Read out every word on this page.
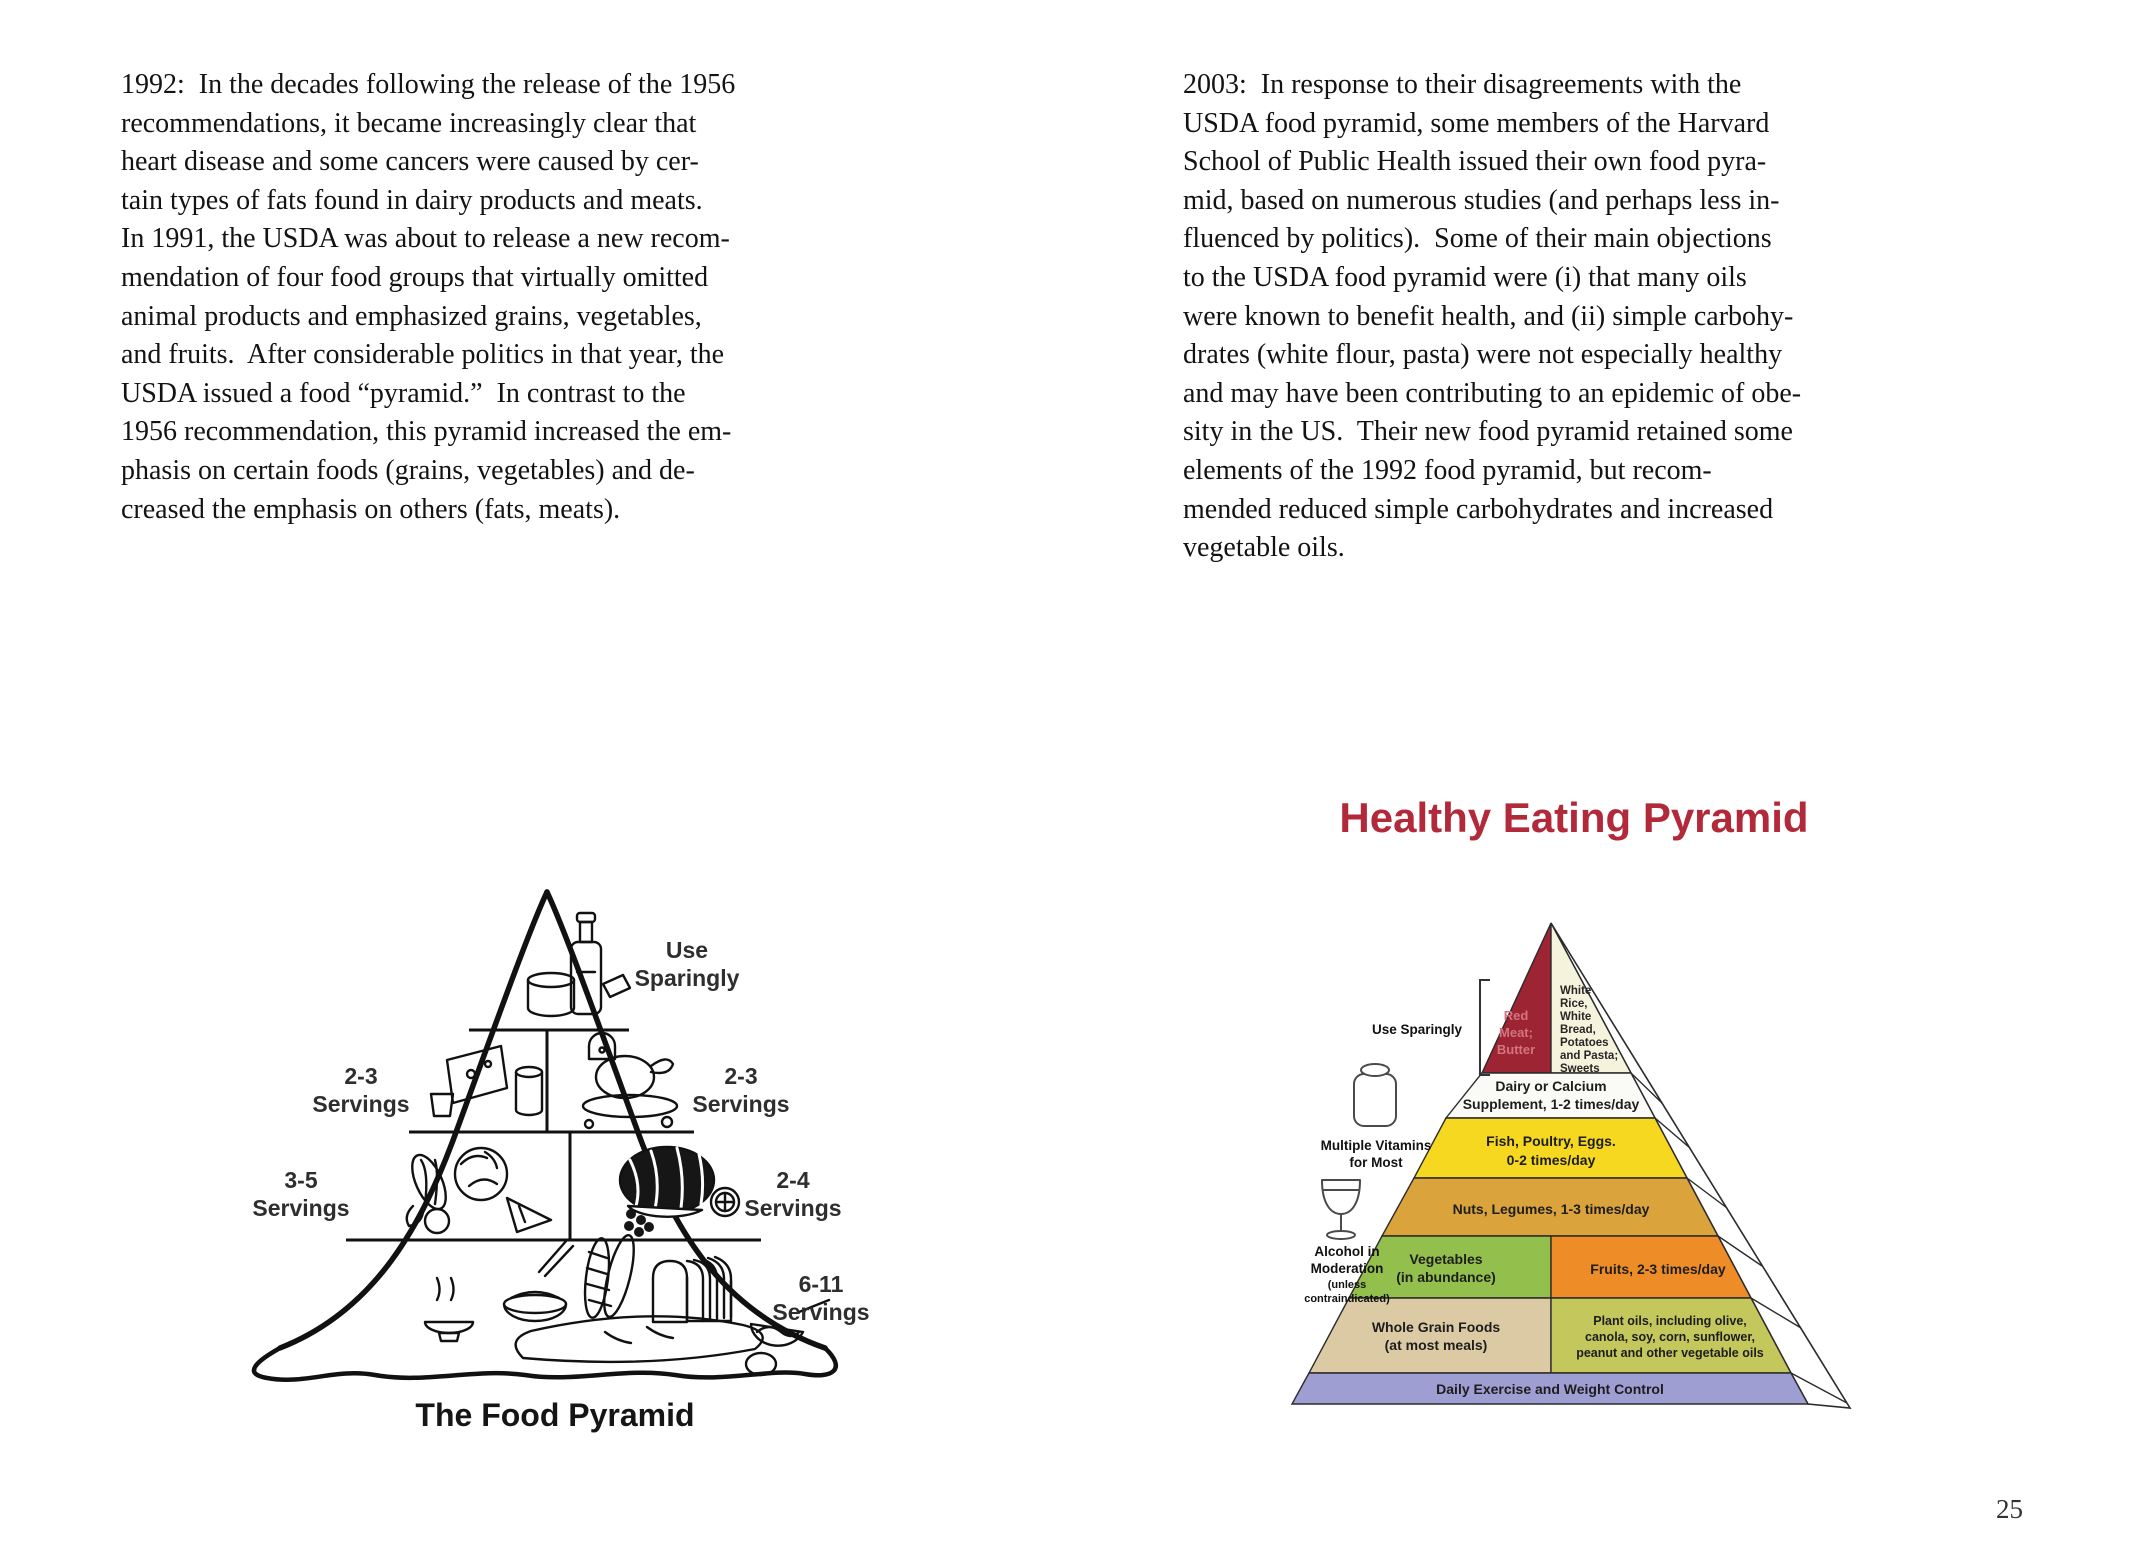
1992:  In the decades following the release of the 1956
recommendations, it became increasingly clear that
heart disease and some cancers were caused by cer-
tain types of fats found in dairy products and meats.
In 1991, the USDA was about to release a new recom-
mendation of four food groups that virtually omitted
animal products and emphasized grains, vegetables,
and fruits.  After considerable politics in that year, the
USDA issued a food “pyramid.”  In contrast to the
1956 recommendation, this pyramid increased the em-
phasis on certain foods (grains, vegetables) and de-
creased the emphasis on others (fats, meats).
2003:  In response to their disagreements with the
USDA food pyramid, some members of the Harvard
School of Public Health issued their own food pyra-
mid, based on numerous studies (and perhaps less in-
fluenced by politics).  Some of their main objections
to the USDA food pyramid were (i) that many oils
were known to benefit health, and (ii) simple carbohy-
drates (white flour, pasta) were not especially healthy
and may have been contributing to an epidemic of obe-
sity in the US.  Their new food pyramid retained some
elements of the 1992 food pyramid, but recom-
mended reduced simple carbohydrates and increased
vegetable oils.
Use
Sparingly
2-3
Servings
2-3
Servings
3-5
Servings
2-4
Servings
6-11
Servings
The Food Pyramid
Healthy Eating Pyramid
Red
Meat;
Butter
White
Rice,
White
Bread,
Potatoes
and Pasta;
Sweets
Dairy or Calcium
Supplement, 1-2 times/day
Fish, Poultry, Eggs.
0-2 times/day
Nuts, Legumes, 1-3 times/day
Vegetables
(in abundance)	Fruits, 2-3 times/day
Whole Grain Foods
(at most meals)
Plant oils, including olive,
canola, soy, corn, sunflower,
peanut and other vegetable oils
Daily Exercise and Weight Control
Use Sparingly
Multiple Vitamins
for Most
Alcohol in
Moderation
(unless
contraindicated)
25
